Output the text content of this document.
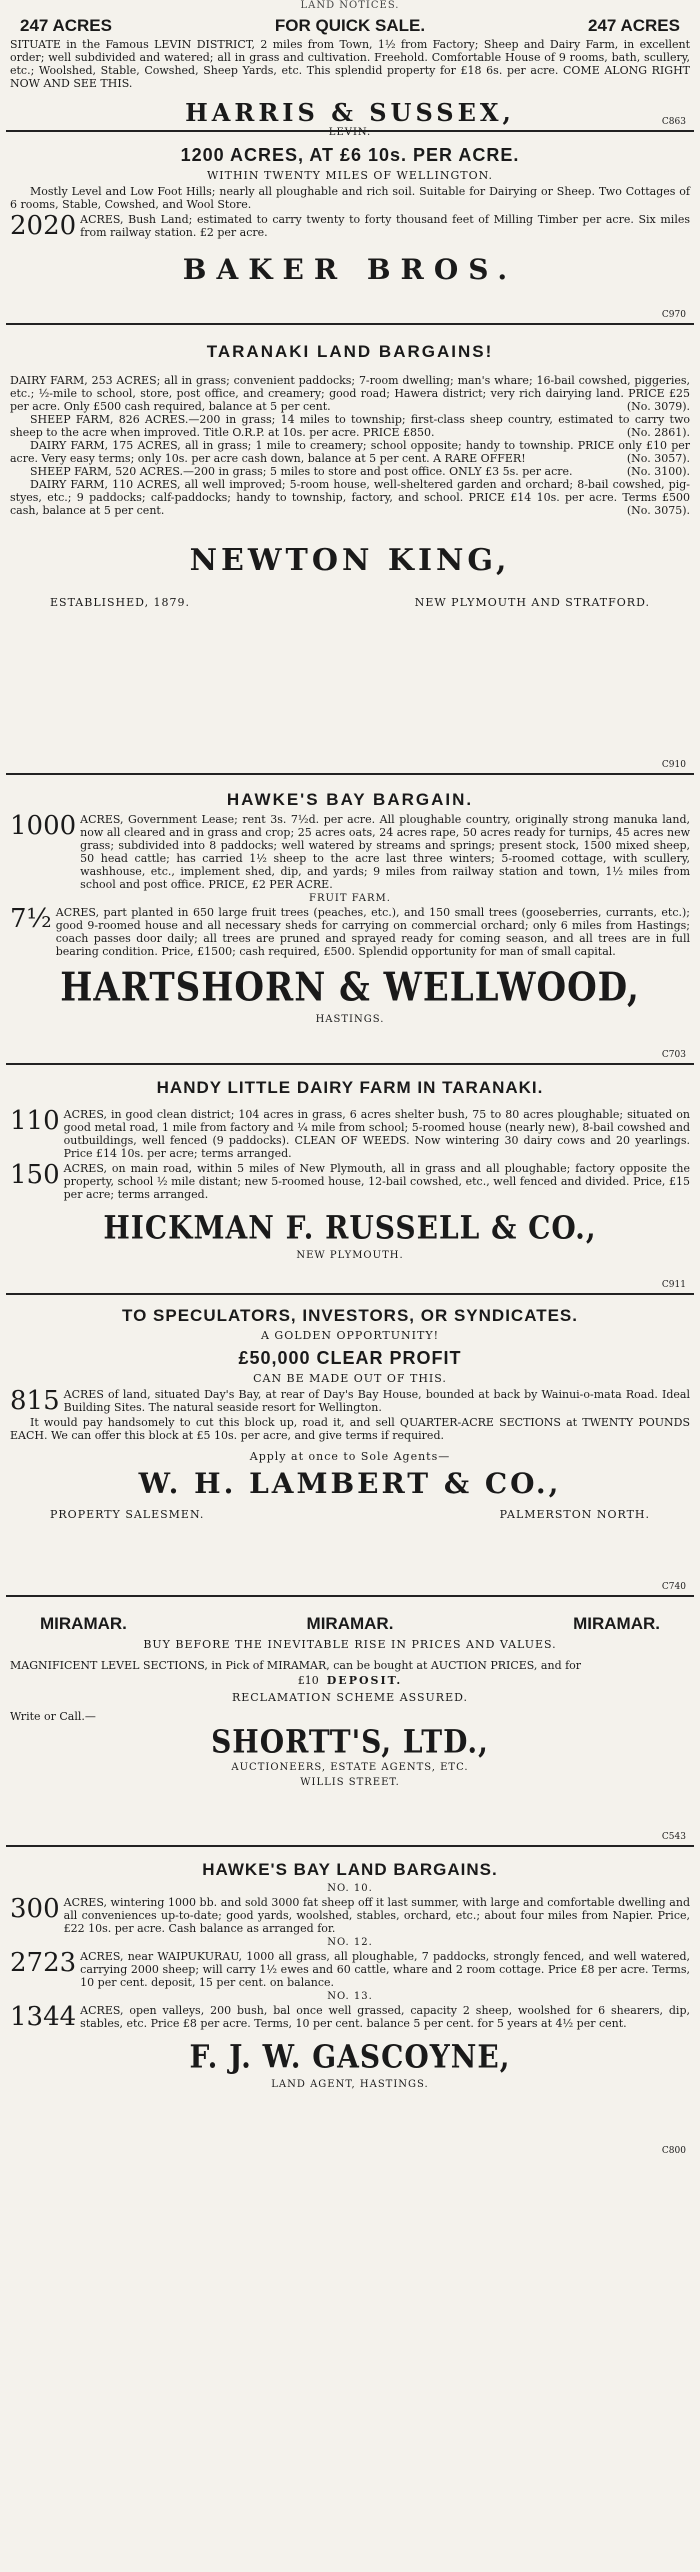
LAND NOTICES.
247 ACRES	FOR QUICK SALE.	247 ACRES

SITUATE in the Famous LEVIN DISTRICT, 2 miles from Town, 1½ from Factory; Sheep and Dairy Farm, in excellent order; well subdivided and watered; all in grass and cultivation. Freehold. Comfortable House of 9 rooms, bath, scullery, etc.; Woolshed, Stable, Cowshed, Sheep Yards, etc. This splendid property for £18 6s. per acre. COME ALONG RIGHT NOW AND SEE THIS.

HARRIS & SUSSEX,
LEVIN.
C863
1200 ACRES, AT £6 10s. PER ACRE.
WITHIN TWENTY MILES OF WELLINGTON.

Mostly Level and Low Foot Hills; nearly all ploughable and rich soil. Suitable for Dairying or Sheep. Two Cottages of 6 rooms, Stable, Cowshed, and Wool Store.

2020 ACRES, Bush Land; estimated to carry twenty to forty thousand feet of Milling Timber per acre. Six miles from railway station. £2 per acre.

BAKER BROS.
C970
TARANAKI LAND BARGAINS!

DAIRY FARM, 253 ACRES; all in grass; convenient paddocks; 7-room dwelling; man's whare; 16-bail cowshed, piggeries, etc.; ½-mile to school, store, post office, and creamery; good road; Hawera district; very rich dairying land. PRICE £25 per acre. Only £500 cash required, balance at 5 per cent.	(No. 3079).

SHEEP FARM, 826 ACRES.—200 in grass; 14 miles to township; first-class sheep country, estimated to carry two sheep to the acre when improved. Title O.R.P. at 10s. per acre. PRICE £850.	(No. 2861).

DAIRY FARM, 175 ACRES, all in grass; 1 mile to creamery; school opposite; handy to township. PRICE only £10 per acre. Very easy terms; only 10s. per acre cash down, balance at 5 per cent. A RARE OFFER!	(No. 3057).

SHEEP FARM, 520 ACRES.—200 in grass; 5 miles to store and post office. ONLY £3 5s. per acre.	(No. 3100).

DAIRY FARM, 110 ACRES, all well improved; 5-room house, well-sheltered garden and orchard; 8-bail cowshed, pig-styes, etc.; 9 paddocks; calf-paddocks; handy to township, factory, and school. PRICE £14 10s. per acre. Terms £500 cash, balance at 5 per cent.	(No. 3075).

NEWTON KING,
ESTABLISHED, 1879.	NEW PLYMOUTH AND STRATFORD.
C910
HAWKE'S BAY BARGAIN.
1000 ACRES, Government Lease; rent 3s. 7½d. per acre. All ploughable country, originally strong manuka land, now all cleared and in grass and crop; 25 acres oats, 24 acres rape, 50 acres ready for turnips, 45 acres new grass; subdivided into 8 paddocks; well watered by streams and springs; present stock, 1500 mixed sheep, 50 head cattle; has carried 1½ sheep to the acre last three winters; 5-roomed cottage, with scullery, washhouse, etc., implement shed, dip, and yards; 9 miles from railway station and town, 1½ miles from school and post office. PRICE, £2 PER ACRE.

FRUIT FARM.
7½ ACRES, part planted in 650 large fruit trees (peaches, etc.), and 150 small trees (gooseberries, currants, etc.); good 9-roomed house and all necessary sheds for carrying on commercial orchard; only 6 miles from Hastings; coach passes door daily; all trees are pruned and sprayed ready for coming season, and all trees are in full bearing condition. Price, £1500; cash required, £500. Splendid opportunity for man of small capital.

HARTSHORN & WELLWOOD,
HASTINGS.
C703
HANDY LITTLE DAIRY FARM IN TARANAKI.
110 ACRES, in good clean district; 104 acres in grass, 6 acres shelter bush, 75 to 80 acres ploughable; situated on good metal road, 1 mile from factory and ¼ mile from school; 5-roomed house (nearly new), 8-bail cowshed and outbuildings, well fenced (9 paddocks). CLEAN OF WEEDS. Now wintering 30 dairy cows and 20 yearlings. Price £14 10s. per acre; terms arranged.

150 ACRES, on main road, within 5 miles of New Plymouth, all in grass and all ploughable; factory opposite the property, school ½ mile distant; new 5-roomed house, 12-bail cowshed, etc., well fenced and divided. Price, £15 per acre; terms arranged.

HICKMAN F. RUSSELL & CO.,
NEW PLYMOUTH.
C911
TO SPECULATORS, INVESTORS, OR SYNDICATES.
A GOLDEN OPPORTUNITY!
£50,000 CLEAR PROFIT
CAN BE MADE OUT OF THIS.
815 ACRES of land, situated Day's Bay, at rear of Day's Bay House, bounded at back by Wainui-o-mata Road. Ideal Building Sites. The natural seaside resort for Wellington.

It would pay handsomely to cut this block up, road it, and sell QUARTER-ACRE SECTIONS at TWENTY POUNDS EACH. We can offer this block at £5 10s. per acre, and give terms if required.

Apply at once to Sole Agents—
W. H. LAMBERT & CO.,
PROPERTY SALESMEN.	PALMERSTON NORTH.
C740
MIRAMAR.	MIRAMAR.	MIRAMAR.
BUY BEFORE THE INEVITABLE RISE IN PRICES AND VALUES.

MAGNIFICENT LEVEL SECTIONS, in Pick of MIRAMAR, can be bought at AUCTION PRICES, and for

£10 DEPOSIT.
RECLAMATION SCHEME ASSURED.

Write or Call.—

SHORTT'S, LTD.,
AUCTIONEERS, ESTATE AGENTS, ETC.
WILLIS STREET.
C543
HAWKE'S BAY LAND BARGAINS.
NO. 10.
300 ACRES, wintering 1000 bb. and sold 3000 fat sheep off it last summer, with large and comfortable dwelling and all conveniences up-to-date; good yards, woolshed, stables, orchard, etc.; about four miles from Napier. Price, £22 10s. per acre. Cash balance as arranged for.

NO. 12.
2723 ACRES, near WAIPUKURAU, 1000 all grass, all ploughable, 7 paddocks, strongly fenced, and well watered, carrying 2000 sheep; will carry 1½ ewes and 60 cattle, whare and 2 room cottage. Price £8 per acre. Terms, 10 per cent. deposit, 15 per cent. on balance.

NO. 13.
1344 ACRES, open valleys, 200 bush, bal once well grassed, capacity 2 sheep, woolshed for 6 shearers, dip, stables, etc. Price £8 per acre. Terms, 10 per cent. balance 5 per cent. for 5 years at 4½ per cent.

F. J. W. GASCOYNE,
LAND AGENT, HASTINGS.
C800
